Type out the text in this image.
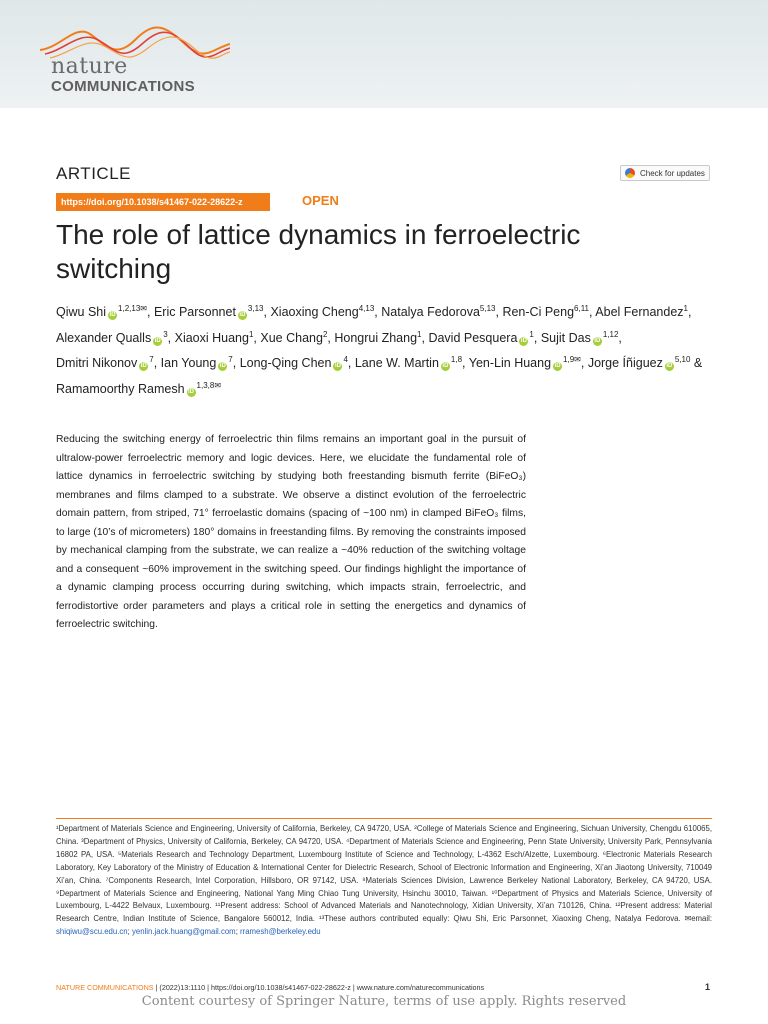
nature
COMMUNICATIONS
ARTICLE	Check for updates
https://doi.org/10.1038/s41467-022-28622-z	OPEN
The role of lattice dynamics in ferroelectric switching
Qiwu Shi $iD^{1,2,13✉}$, Eric Parsonnet iD$^{3,13}$, Xiaoxing Cheng$^{4,13}$, Natalya Fedorova$^{5,13}$, Ren-Ci Peng$^{6,11}$, Abel Fernandez$^1$, Alexander Qualls $iD^3$, Xiaoxi Huang$^1$, Xue Chang$^2$, Hongrui Zhang$^1$, David Pesquera $iD^1$, Sujit Das iD$^{1,12}$, Dmitri Nikonov $iD^7$, Ian Young $iD^7$, Long-Qing Chen $iD^4$, Lane W. Martin iD$^{1,8}$, Yen-Lin Huang $iD^{1,9✉}$, Jorge Íñiguez iD$^{5,10}$ & Ramamoorthy Ramesh $iD^{1,3,8✉}$

Reducing the switching energy of ferroelectric thin films remains an important goal in the pursuit of ultralow-power ferroelectric memory and logic devices. Here, we elucidate the fundamental role of lattice dynamics in ferroelectric switching by studying both freestanding bismuth ferrite (BiFeO₃) membranes and films clamped to a substrate. We observe a distinct evolution of the ferroelectric domain pattern, from striped, 71° ferroelastic domains (spacing of ~100 nm) in clamped BiFeO₃ films, to large (10’s of micrometers) 180° domains in freestanding films. By removing the constraints imposed by mechanical clamping from the substrate, we can realize a ~40% reduction of the switching voltage and a consequent ~60% improvement in the switching speed. Our findings highlight the importance of a dynamic clamping process occurring during switching, which impacts strain, ferroelectric, and ferrodistortive order parameters and plays a critical role in setting the energetics and dynamics of ferroelectric switching.

¹Department of Materials Science and Engineering, University of California, Berkeley, CA 94720, USA. ²College of Materials Science and Engineering, Sichuan University, Chengdu 610065, China. ³Department of Physics, University of California, Berkeley, CA 94720, USA. ⁴Department of Materials Science and Engineering, Penn State University, University Park, Pennsylvania 16802 PA, USA. ⁵Materials Research and Technology Department, Luxembourg Institute of Science and Technology, L-4362 Esch/Alzette, Luxembourg. ⁶Electronic Materials Research Laboratory, Key Laboratory of the Ministry of Education & International Center for Dielectric Research, School of Electronic Information and Engineering, Xi’an Jiaotong University, 710049 Xi’an, China. ⁷Components Research, Intel Corporation, Hillsboro, OR 97142, USA. ⁸Materials Sciences Division, Lawrence Berkeley National Laboratory, Berkeley, CA 94720, USA. ⁹Department of Materials Science and Engineering, National Yang Ming Chiao Tung University, Hsinchu 30010, Taiwan. ¹⁰Department of Physics and Materials Science, University of Luxembourg, L-4422 Belvaux, Luxembourg. ¹¹Present address: School of Advanced Materials and Nanotechnology, Xidian University, Xi’an 710126, China. ¹²Present address: Material Research Centre, Indian Institute of Science, Bangalore 560012, India. ¹³These authors contributed equally: Qiwu Shi, Eric Parsonnet, Xiaoxing Cheng, Natalya Fedorova. ✉email: shiqiwu@scu.edu.cn; yenlin.jack.huang@gmail.com; rramesh@berkeley.edu

NATURE COMMUNICATIONS | (2022)13:1110 | https://doi.org/10.1038/s41467-022-28622-z | www.nature.com/naturecommunications	1
Content courtesy of Springer Nature, terms of use apply. Rights reserved
